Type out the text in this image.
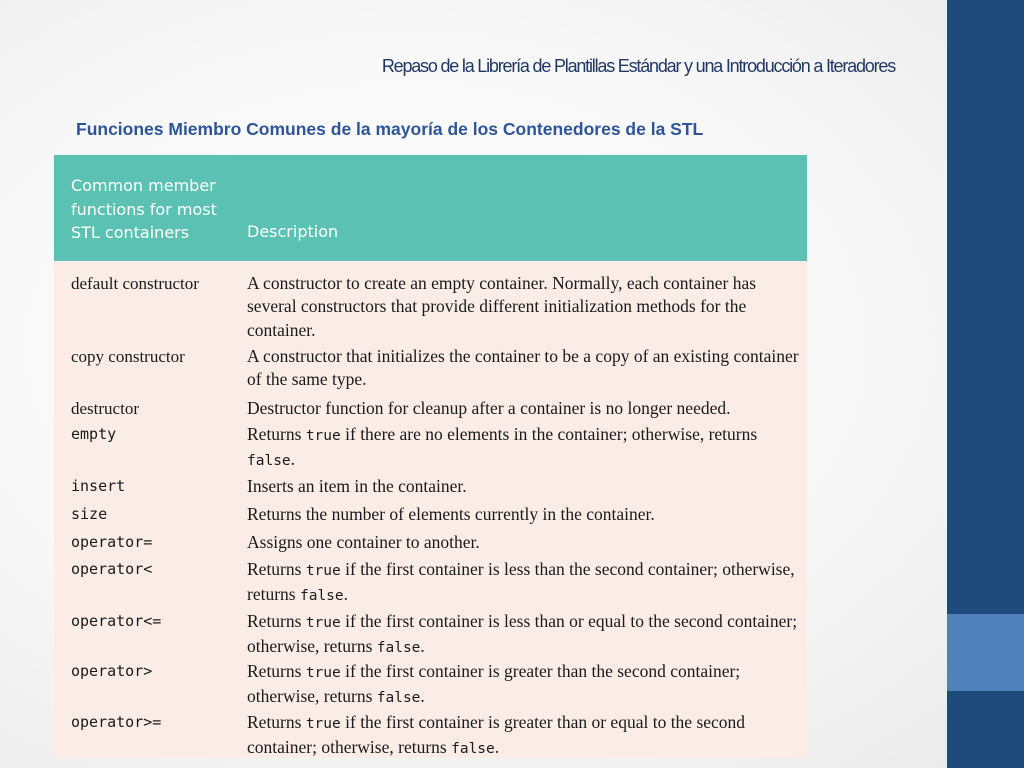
Repaso de la Librería de Plantillas Estándar y una Introducción a Iteradores
Funciones Miembro Comunes de la mayoría de los Contenedores de la STL
Common member
functions for most
STL containers	Description
default constructor	A constructor to create an empty container. Normally, each container has several constructors that provide different initialization methods for the container.
copy constructor	A constructor that initializes the container to be a copy of an existing container of the same type.
destructor	Destructor function for cleanup after a container is no longer needed.
empty	Returns true if there are no elements in the container; otherwise, returns false.
insert	Inserts an item in the container.
size	Returns the number of elements currently in the container.
operator=	Assigns one container to another.
operator<	Returns true if the first container is less than the second container; otherwise, returns false.
operator<=	Returns true if the first container is less than or equal to the second container; otherwise, returns false.
operator>	Returns true if the first container is greater than the second container; otherwise, returns false.
operator>=	Returns true if the first container is greater than or equal to the second container; otherwise, returns false.
